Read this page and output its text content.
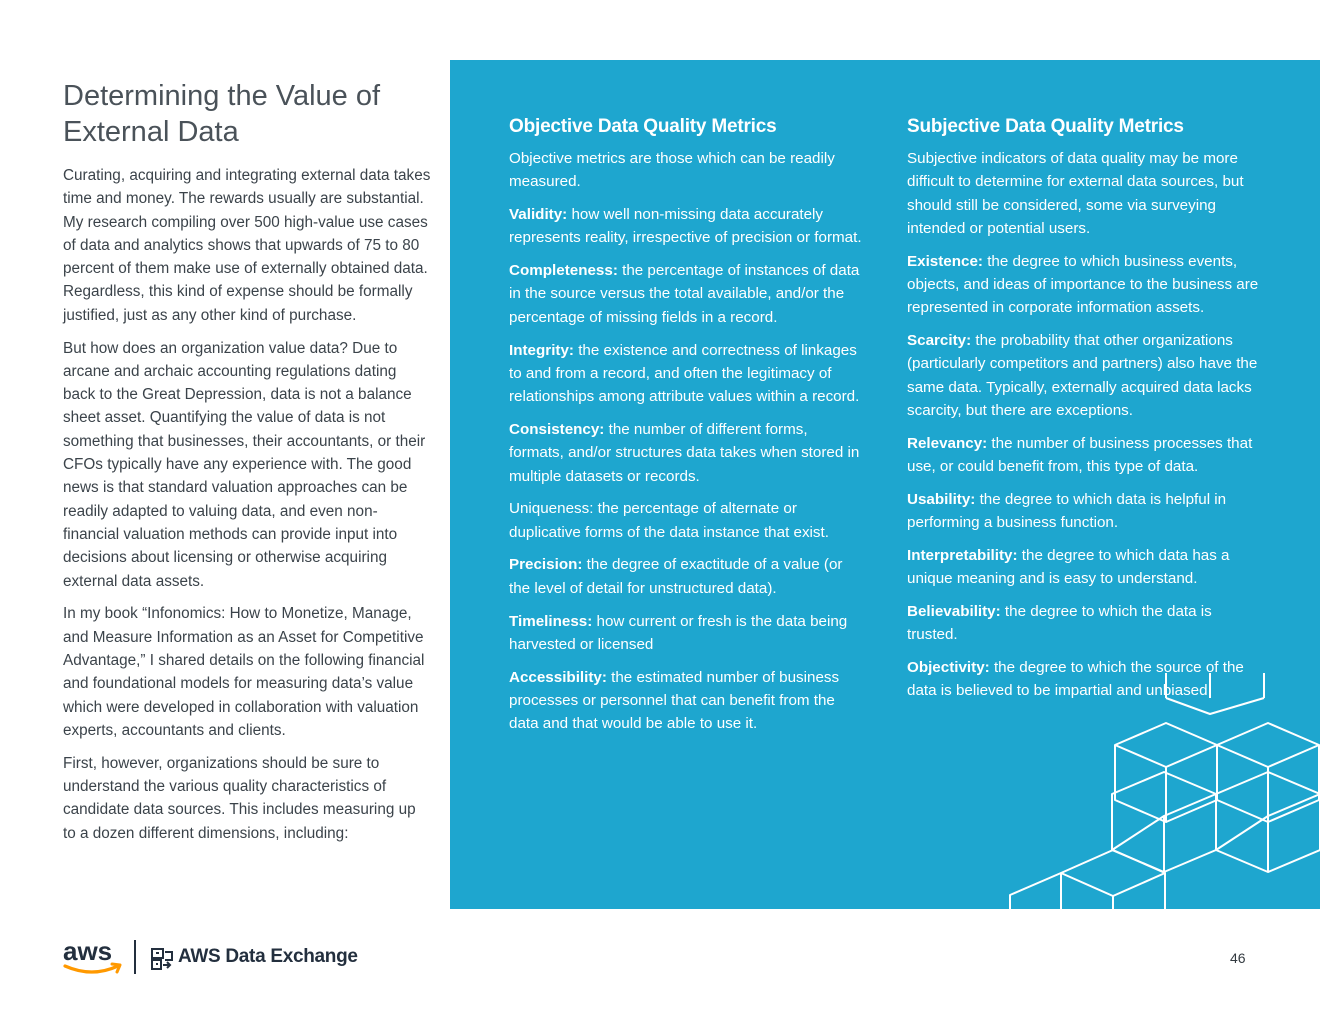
Determining the Value of
External Data

Curating, acquiring and integrating external data takes time and money. The rewards usually are substantial. My research compiling over 500 high-value use cases of data and analytics shows that upwards of 75 to 80 percent of them make use of externally obtained data. Regardless, this kind of expense should be formally justified, just as any other kind of purchase.

But how does an organization value data? Due to arcane and archaic accounting regulations dating back to the Great Depression, data is not a balance sheet asset. Quantifying the value of data is not something that businesses, their accountants, or their CFOs typically have any experience with. The good news is that standard valuation approaches can be readily adapted to valuing data, and even non-financial valuation methods can provide input into decisions about licensing or otherwise acquiring external data assets.

In my book “Infonomics: How to Monetize, Manage, and Measure Information as an Asset for Competitive Advantage,” I shared details on the following financial and foundational models for measuring data’s value which were developed in collaboration with valuation experts, accountants and clients.

First, however, organizations should be sure to understand the various quality characteristics of candidate data sources. This includes measuring up to a dozen different dimensions, including:

Objective Data Quality Metrics

Objective metrics are those which can be readily measured.

Validity: how well non-missing data accurately represents reality, irrespective of precision or format.

Completeness: the percentage of instances of data in the source versus the total available, and/or the percentage of missing fields in a record.

Integrity: the existence and correctness of linkages to and from a record, and often the legitimacy of relationships among attribute values within a record.

Consistency: the number of different forms, formats, and/or structures data takes when stored in multiple datasets or records.

Uniqueness: the percentage of alternate or duplicative forms of the data instance that exist.

Precision: the degree of exactitude of a value (or the level of detail for unstructured data).

Timeliness: how current or fresh is the data being harvested or licensed

Accessibility: the estimated number of business processes or personnel that can benefit from the data and that would be able to use it.

Subjective Data Quality Metrics

Subjective indicators of data quality may be more difficult to determine for external data sources, but should still be considered, some via surveying intended or potential users.

Existence: the degree to which business events, objects, and ideas of importance to the business are represented in corporate information assets.

Scarcity: the probability that other organizations (particularly competitors and partners) also have the same data. Typically, externally acquired data lacks scarcity, but there are exceptions.

Relevancy: the number of business processes that use, or could benefit from, this type of data.

Usability: the degree to which data is helpful in performing a business function.

Interpretability: the degree to which data has a unique meaning and is easy to understand.

Believability: the degree to which the data is trusted.

Objectivity: the degree to which the source of the data is believed to be impartial and unbiased.

aws	AWS Data Exchange	46
